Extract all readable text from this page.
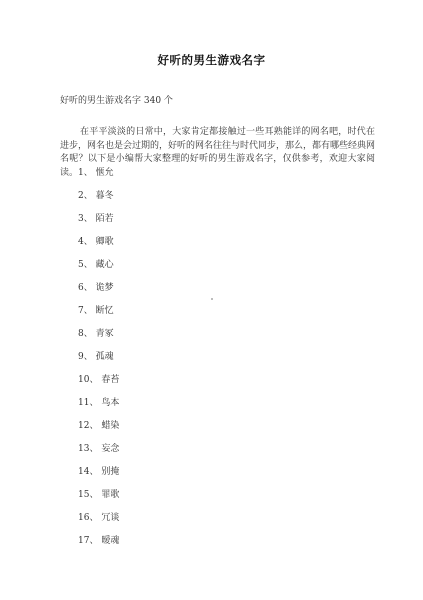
好听的男生游戏名字
好听的男生游戏名字 340 个
在平平淡淡的日常中，大家肯定都接触过一些耳熟能详的网名吧，时代在进步，网名也是会过期的，好听的网名往往与时代同步，那么，都有哪些经典网名呢？以下是小编帮大家整理的好听的男生游戏名字，仅供参考，欢迎大家阅读。 1、 惬允
2、 暮冬
3、 陌若
4、 卿歌
5、 藏心
6、 诡梦
7、 断忆
8、 青冢
9、 孤魂
10、 春苔
11、 鸟本
12、 蜡染
13、 妄念
14、 别掩
15、 罪歌
16、 冗谈
17、 暧魂
